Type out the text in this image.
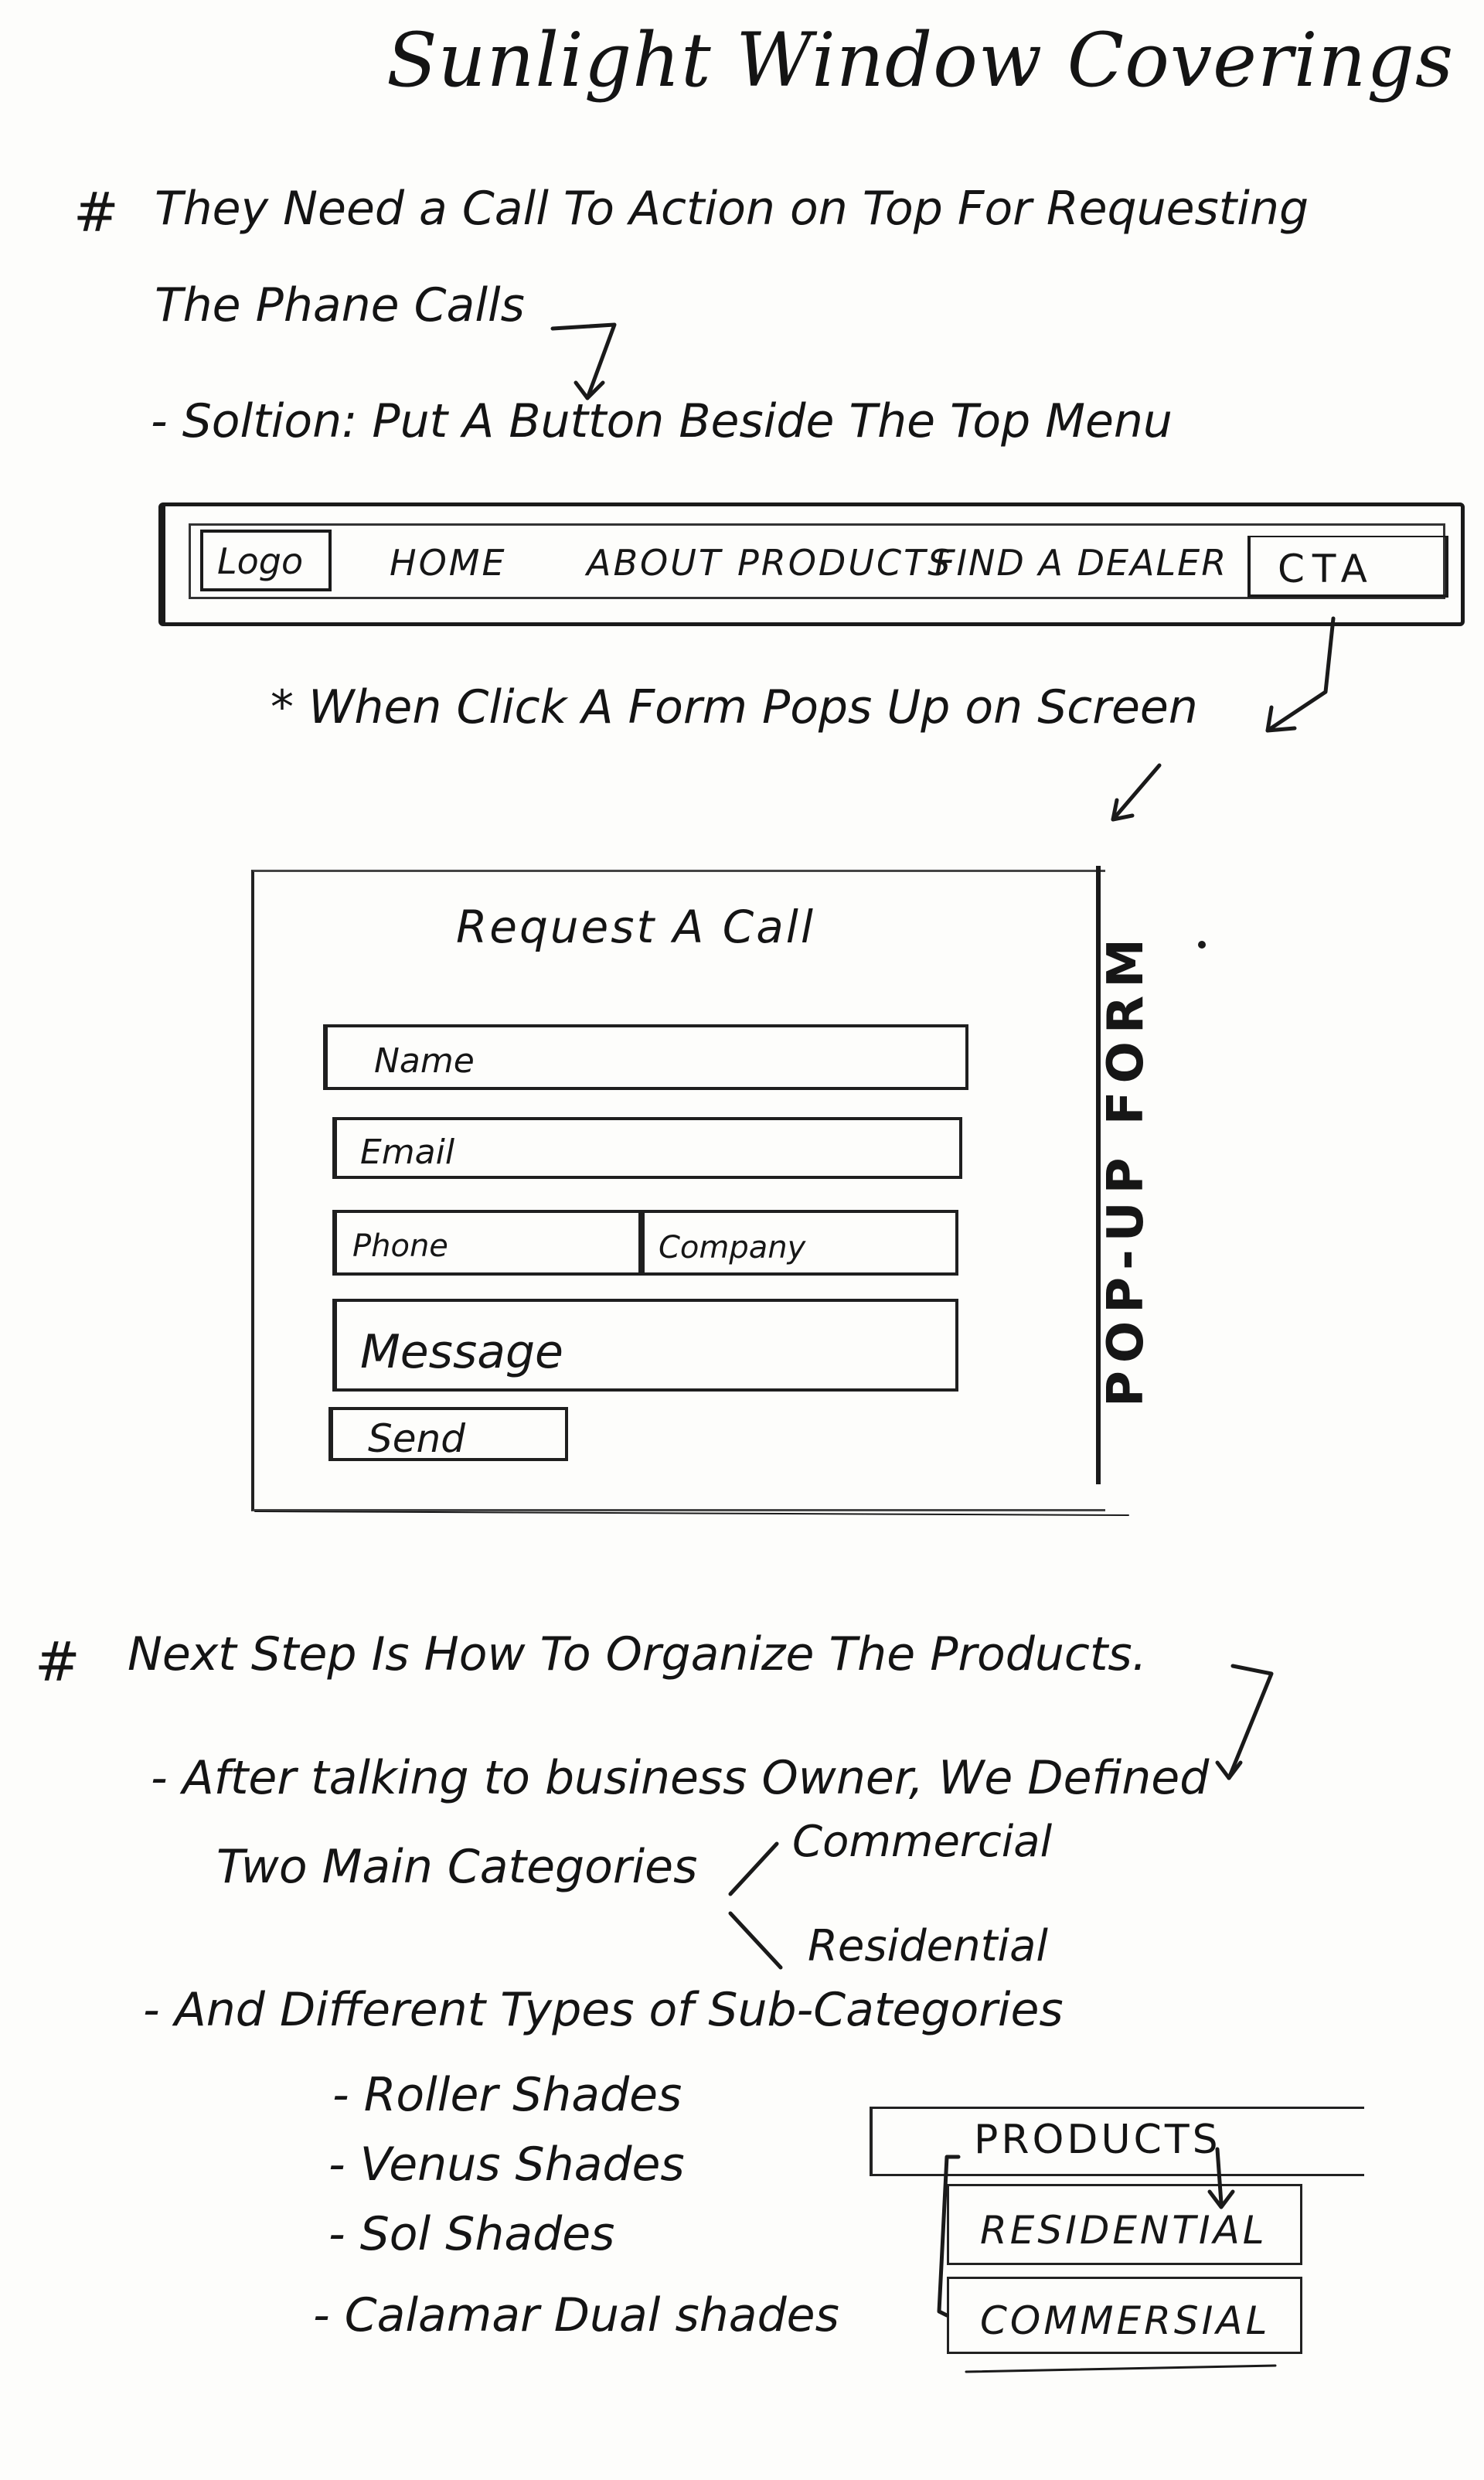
Sunlight Window Coverings
# They Need a Call To Action on Top For Requesting
The Phane Calls
- Soltion: Put A Button Beside The Top Menu
Logo HOME ABOUT PRODUCTS
FIND A DEALER CTA
* When Click A Form Pops Up on Screen
Request A Call
Name
Email
Phone	Company
Message
Send
POP-UP FORM
# Next Step Is How To Organize The Products.
- After talking to business Owner, We Defined
Two Main Categories Commercial
Residential
- And Different Types of Sub-Categories
- Roller Shades
- Venus Shades
- Sol Shades
- Calamar Dual shades
PRODUCTS
RESIDENTIAL
COMMERSIAL
